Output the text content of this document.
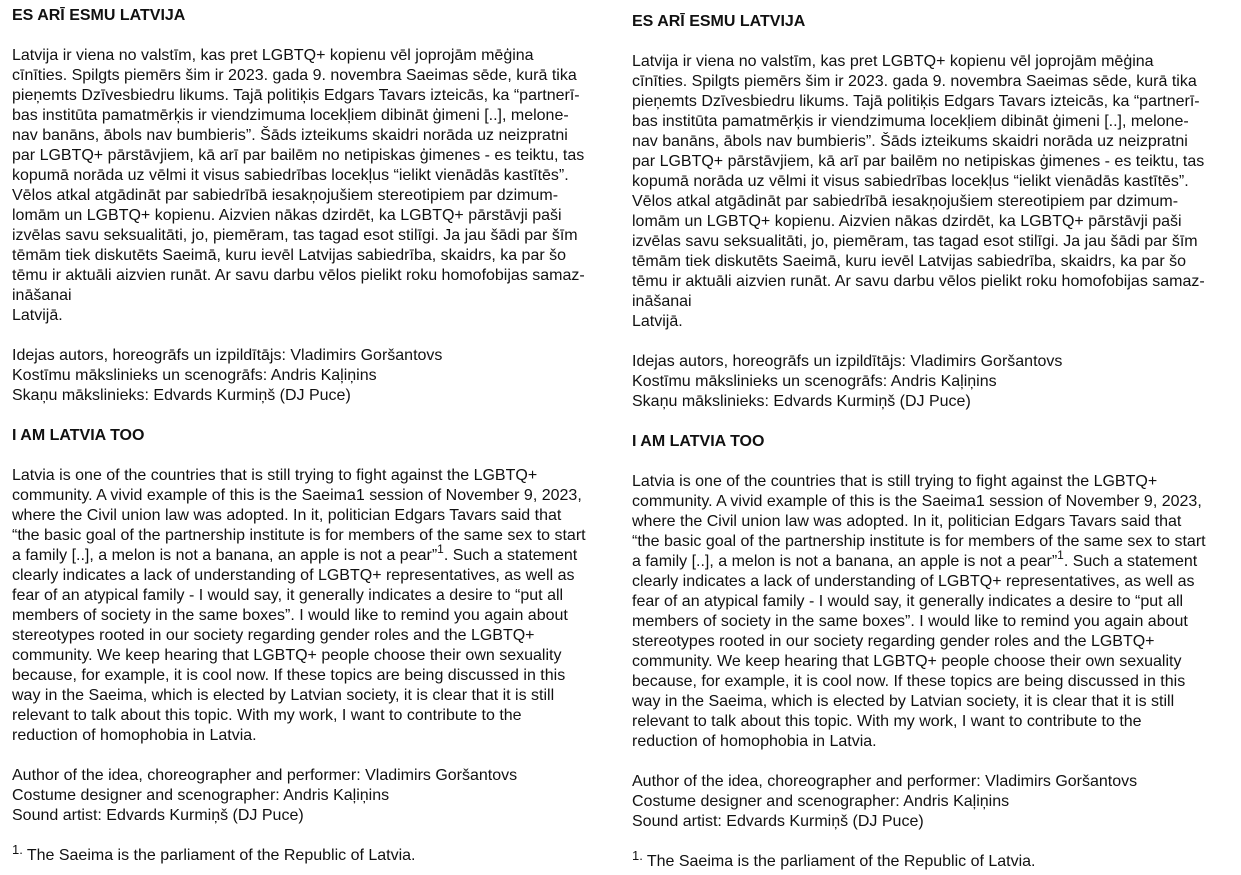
ES ARĪ ESMU LATVIJA
Latvija ir viena no valstīm, kas pret LGBTQ+ kopienu vēl joprojām mēģina
cīnīties. Spilgts piemērs šim ir 2023. gada 9. novembra Saeimas sēde, kurā tika
pieņemts Dzīvesbiedru likums. Tajā politiķis Edgars Tavars izteicās, ka “partnerī-
bas institūta pamatmērķis ir viendzimuma locekļiem dibināt ģimeni [..], melone-
nav banāns, ābols nav bumbieris”. Šāds izteikums skaidri norāda uz neizpratni
par LGBTQ+ pārstāvjiem, kā arī par bailēm no netipiskas ģimenes - es teiktu, tas
kopumā norāda uz vēlmi it visus sabiedrības locekļus “ielikt vienādās kastītēs”.
Vēlos atkal atgādināt par sabiedrībā iesakņojušiem stereotipiem par dzimum-
lomām un LGBTQ+ kopienu. Aizvien nākas dzirdēt, ka LGBTQ+ pārstāvji paši
izvēlas savu seksualitāti, jo, piemēram, tas tagad esot stilīgi. Ja jau šādi par šīm
tēmām tiek diskutēts Saeimā, kuru ievēl Latvijas sabiedrība, skaidrs, ka par šo
tēmu ir aktuāli aizvien runāt. Ar savu darbu vēlos pielikt roku homofobijas samaz-
ināšanai
Latvijā.
Idejas autors, horeogrāfs un izpildītājs: Vladimirs Goršantovs
Kostīmu mākslinieks un scenogrāfs: Andris Kaļiņins
Skaņu mākslinieks: Edvards Kurmiņš (DJ Puce)
I AM LATVIA TOO
Latvia is one of the countries that is still trying to fight against the LGBTQ+
community. A vivid example of this is the Saeima1 session of November 9, 2023,
where the Civil union law was adopted. In it, politician Edgars Tavars said that
“the basic goal of the partnership institute is for members of the same sex to start
a family [..], a melon is not a banana, an apple is not a pear”$^1$. Such a statement
clearly indicates a lack of understanding of LGBTQ+ representatives, as well as
fear of an atypical family - I would say, it generally indicates a desire to “put all
members of society in the same boxes”. I would like to remind you again about
stereotypes rooted in our society regarding gender roles and the LGBTQ+
community. We keep hearing that LGBTQ+ people choose their own sexuality
because, for example, it is cool now. If these topics are being discussed in this
way in the Saeima, which is elected by Latvian society, it is clear that it is still
relevant to talk about this topic. With my work, I want to contribute to the
reduction of homophobia in Latvia.
Author of the idea, choreographer and performer: Vladimirs Goršantovs
Costume designer and scenographer: Andris Kaļiņins
Sound artist: Edvards Kurmiņš (DJ Puce)
$^{1.}$ The Saeima is the parliament of the Republic of Latvia.
ES ARĪ ESMU LATVIJA
Latvija ir viena no valstīm, kas pret LGBTQ+ kopienu vēl joprojām mēģina
cīnīties. Spilgts piemērs šim ir 2023. gada 9. novembra Saeimas sēde, kurā tika
pieņemts Dzīvesbiedru likums. Tajā politiķis Edgars Tavars izteicās, ka “partnerī-
bas institūta pamatmērķis ir viendzimuma locekļiem dibināt ģimeni [..], melone-
nav banāns, ābols nav bumbieris”. Šāds izteikums skaidri norāda uz neizpratni
par LGBTQ+ pārstāvjiem, kā arī par bailēm no netipiskas ģimenes - es teiktu, tas
kopumā norāda uz vēlmi it visus sabiedrības locekļus “ielikt vienādās kastītēs”.
Vēlos atkal atgādināt par sabiedrībā iesakņojušiem stereotipiem par dzimum-
lomām un LGBTQ+ kopienu. Aizvien nākas dzirdēt, ka LGBTQ+ pārstāvji paši
izvēlas savu seksualitāti, jo, piemēram, tas tagad esot stilīgi. Ja jau šādi par šīm
tēmām tiek diskutēts Saeimā, kuru ievēl Latvijas sabiedrība, skaidrs, ka par šo
tēmu ir aktuāli aizvien runāt. Ar savu darbu vēlos pielikt roku homofobijas samaz-
ināšanai
Latvijā.
Idejas autors, horeogrāfs un izpildītājs: Vladimirs Goršantovs
Kostīmu mākslinieks un scenogrāfs: Andris Kaļiņins
Skaņu mākslinieks: Edvards Kurmiņš (DJ Puce)
I AM LATVIA TOO
Latvia is one of the countries that is still trying to fight against the LGBTQ+
community. A vivid example of this is the Saeima1 session of November 9, 2023,
where the Civil union law was adopted. In it, politician Edgars Tavars said that
“the basic goal of the partnership institute is for members of the same sex to start
a family [..], a melon is not a banana, an apple is not a pear”$^1$. Such a statement
clearly indicates a lack of understanding of LGBTQ+ representatives, as well as
fear of an atypical family - I would say, it generally indicates a desire to “put all
members of society in the same boxes”. I would like to remind you again about
stereotypes rooted in our society regarding gender roles and the LGBTQ+
community. We keep hearing that LGBTQ+ people choose their own sexuality
because, for example, it is cool now. If these topics are being discussed in this
way in the Saeima, which is elected by Latvian society, it is clear that it is still
relevant to talk about this topic. With my work, I want to contribute to the
reduction of homophobia in Latvia.
Author of the idea, choreographer and performer: Vladimirs Goršantovs
Costume designer and scenographer: Andris Kaļiņins
Sound artist: Edvards Kurmiņš (DJ Puce)
$^{1.}$ The Saeima is the parliament of the Republic of Latvia.
